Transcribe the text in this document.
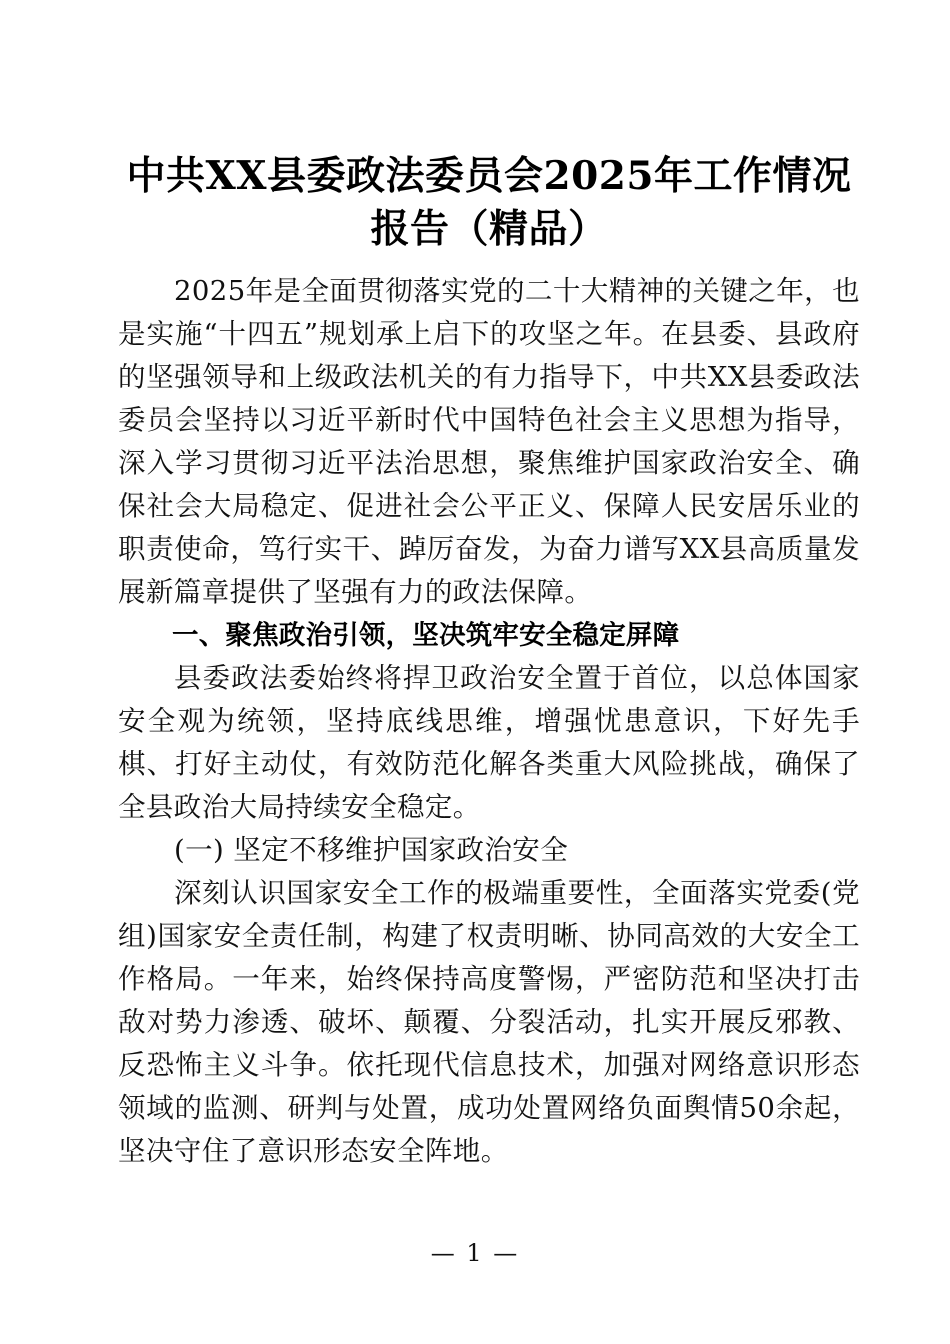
中共XX县委政法委员会2025年工作情况报告（精品）

2025年是全面贯彻落实党的二十大精神的关键之年，也是实施“十四五”规划承上启下的攻坚之年。在县委、县政府的坚强领导和上级政法机关的有力指导下，中共XX县委政法委员会坚持以习近平新时代中国特色社会主义思想为指导，深入学习贯彻习近平法治思想，聚焦维护国家政治安全、确保社会大局稳定、促进社会公平正义、保障人民安居乐业的职责使命，笃行实干、踔厉奋发，为奋力谱写XX县高质量发展新篇章提供了坚强有力的政法保障。

一、聚焦政治引领，坚决筑牢安全稳定屏障

县委政法委始终将捍卫政治安全置于首位，以总体国家安全观为统领，坚持底线思维，增强忧患意识，下好先手棋、打好主动仗，有效防范化解各类重大风险挑战，确保了全县政治大局持续安全稳定。

(一) 坚定不移维护国家政治安全

深刻认识国家安全工作的极端重要性，全面落实党委(党组)国家安全责任制，构建了权责明晰、协同高效的大安全工作格局。一年来，始终保持高度警惕，严密防范和坚决打击敌对势力渗透、破坏、颠覆、分裂活动，扎实开展反邪教、反恐怖主义斗争。依托现代信息技术，加强对网络意识形态领域的监测、研判与处置，成功处置网络负面舆情50余起，坚决守住了意识形态安全阵地。

— 1 —
